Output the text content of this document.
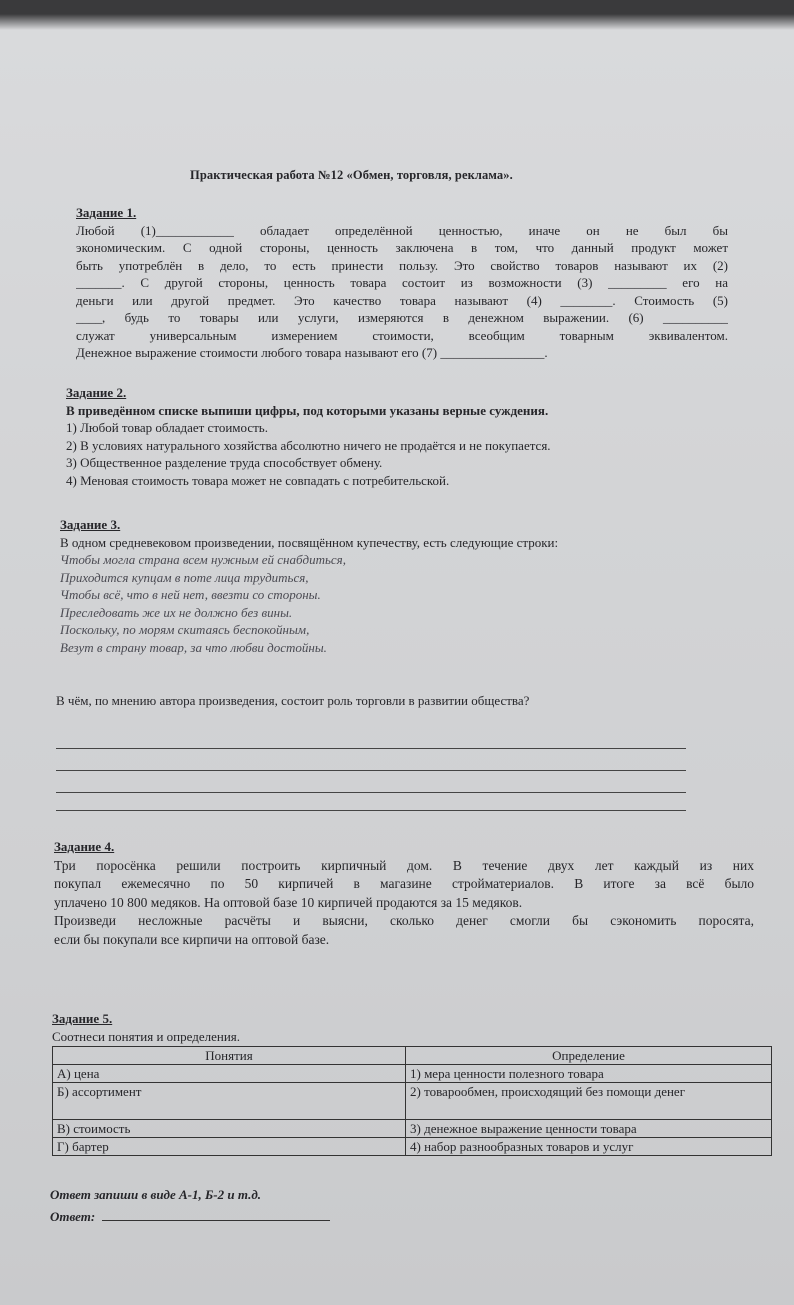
Практическая работа №12 «Обмен, торговля, реклама».
Задание 1.
Любой (1)____________ обладает определённой ценностью, иначе он не был бы
экономическим. С одной стороны, ценность заключена в том, что данный продукт может
быть употреблён в дело, то есть принести пользу. Это свойство товаров называют их (2)
_______. С другой стороны, ценность товара состоит из возможности (3) _________ его на
деньги или другой предмет. Это качество товара называют (4) ________. Стоимость (5)
____, будь то товары или услуги, измеряются в денежном выражении. (6) __________
служат универсальным измерением стоимости, всеобщим товарным эквивалентом.
Денежное выражение стоимости любого товара называют его (7) ________________.
Задание 2.
В приведённом списке выпиши цифры, под которыми указаны верные суждения.
1) Любой товар обладает стоимость.
2) В условиях натурального хозяйства абсолютно ничего не продаётся и не покупается.
3) Общественное разделение труда способствует обмену.
4) Меновая стоимость товара может не совпадать с потребительской.
Задание 3.
В одном средневековом произведении, посвящённом купечеству, есть следующие строки:
Чтобы могла страна всем нужным ей снабдиться,
Приходится купцам в поте лица трудиться,
Чтобы всё, что в ней нет, ввезти со стороны.
Преследовать же их не должно без вины.
Поскольку, по морям скитаясь беспокойным,
Везут в страну товар, за что любви достойны.
В чём, по мнению автора произведения, состоит роль торговли в развитии общества?
Задание 4.
Три поросёнка решили построить кирпичный дом. В течение двух лет каждый из них
покупал ежемесячно по 50 кирпичей в магазине стройматериалов. В итоге за всё было
уплачено 10 800 медяков. На оптовой базе 10 кирпичей продаются за 15 медяков.
Произведи несложные расчёты и выясни, сколько денег смогли бы сэкономить поросята,
если бы покупали все кирпичи на оптовой базе.
Задание 5.
Соотнеси понятия и определения.
Понятия	Определение
А) цена	1) мера ценности полезного товара
Б) ассортимент	2) товарообмен, происходящий без помощи денег
В) стоимость	3) денежное выражение ценности товара
Г) бартер	4) набор разнообразных товаров и услуг
Ответ запиши в виде А-1, Б-2 и т.д.
Ответ:
